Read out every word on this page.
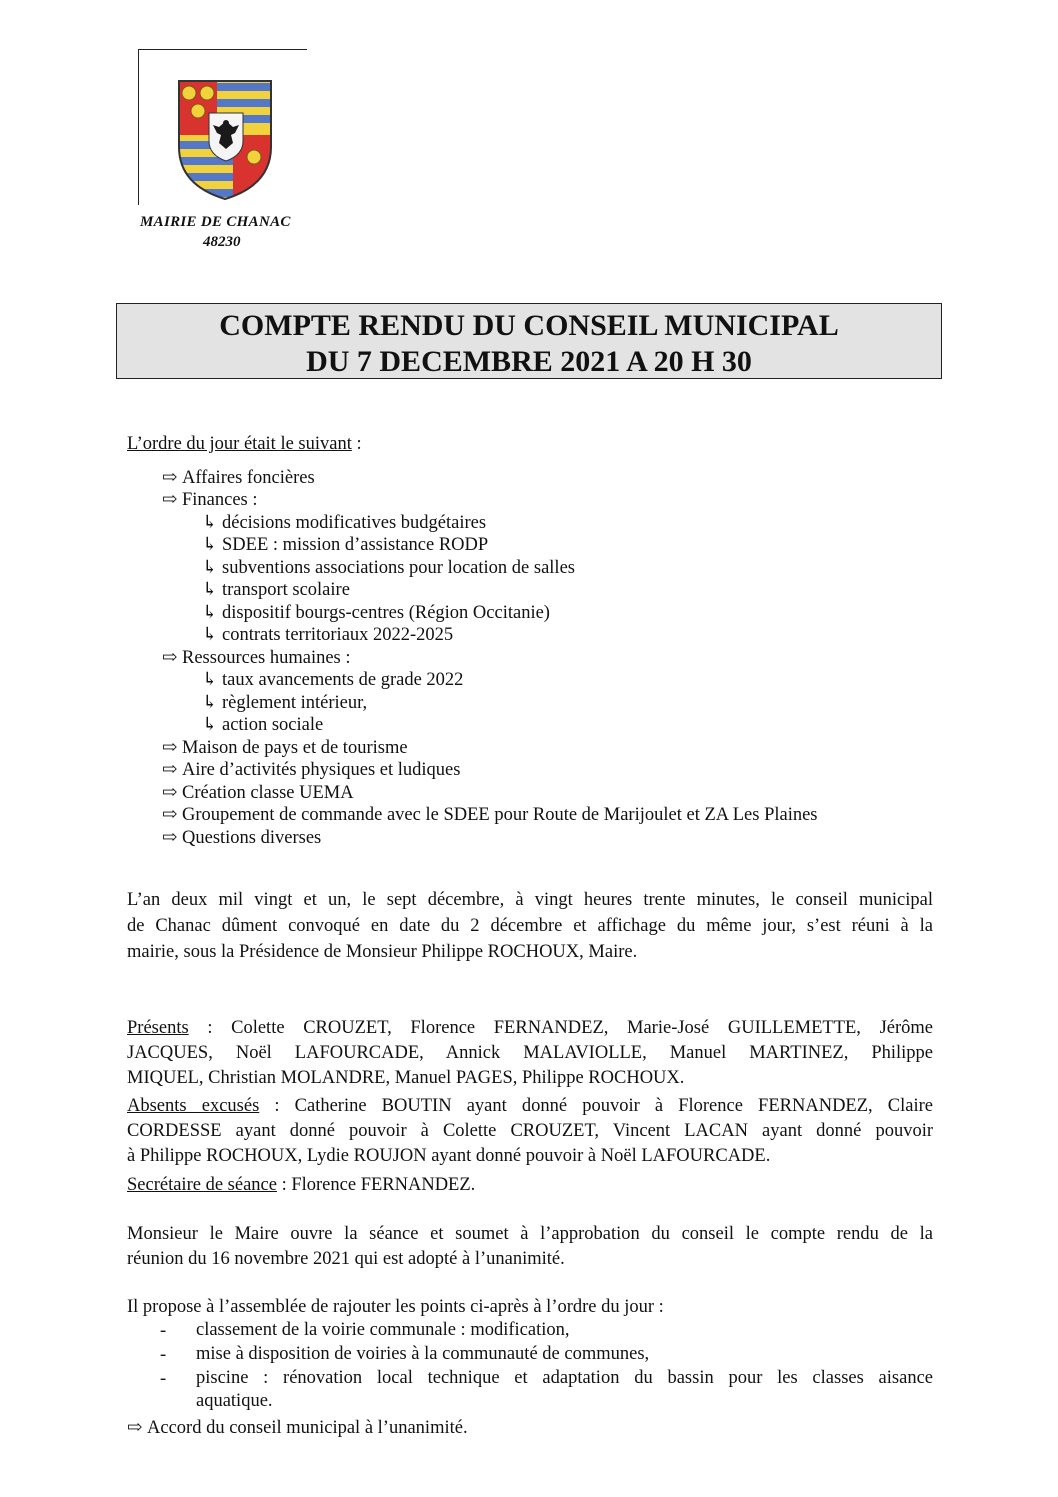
MAIRIE DE CHANAC
48230
COMPTE RENDU DU CONSEIL MUNICIPAL
DU 7 DECEMBRE 2021 A 20 H 30
L’ordre du jour était le suivant :
⇨ Affaires foncières
⇨ Finances :
↳ décisions modificatives budgétaires
↳ SDEE : mission d’assistance RODP
↳ subventions associations pour location de salles
↳ transport scolaire
↳ dispositif bourgs-centres (Région Occitanie)
↳ contrats territoriaux 2022-2025
⇨ Ressources humaines :
↳ taux avancements de grade 2022
↳ règlement intérieur,
↳ action sociale
⇨ Maison de pays et de tourisme
⇨ Aire d’activités physiques et ludiques
⇨ Création classe UEMA
⇨ Groupement de commande avec le SDEE pour Route de Marijoulet et ZA Les Plaines
⇨ Questions diverses
L’an deux mil vingt et un, le sept décembre, à vingt heures trente minutes, le conseil municipal
de Chanac dûment convoqué en date du 2 décembre et affichage du même jour, s’est réuni à la
mairie, sous la Présidence de Monsieur Philippe ROCHOUX, Maire.
Présents : Colette CROUZET, Florence FERNANDEZ, Marie-José GUILLEMETTE, Jérôme
JACQUES, Noël LAFOURCADE, Annick MALAVIOLLE, Manuel MARTINEZ, Philippe
MIQUEL, Christian MOLANDRE, Manuel PAGES, Philippe ROCHOUX.
Absents excusés : Catherine BOUTIN ayant donné pouvoir à Florence FERNANDEZ, Claire
CORDESSE ayant donné pouvoir à Colette CROUZET, Vincent LACAN ayant donné pouvoir
à Philippe ROCHOUX, Lydie ROUJON ayant donné pouvoir à Noël LAFOURCADE.
Secrétaire de séance : Florence FERNANDEZ.
Monsieur le Maire ouvre la séance et soumet à l’approbation du conseil le compte rendu de la
réunion du 16 novembre 2021 qui est adopté à l’unanimité.
Il propose à l’assemblée de rajouter les points ci-après à l’ordre du jour :
- classement de la voirie communale : modification,
- mise à disposition de voiries à la communauté de communes,
- piscine : rénovation local technique et adaptation du bassin pour les classes aisance
aquatique.
⇨ Accord du conseil municipal à l’unanimité.
